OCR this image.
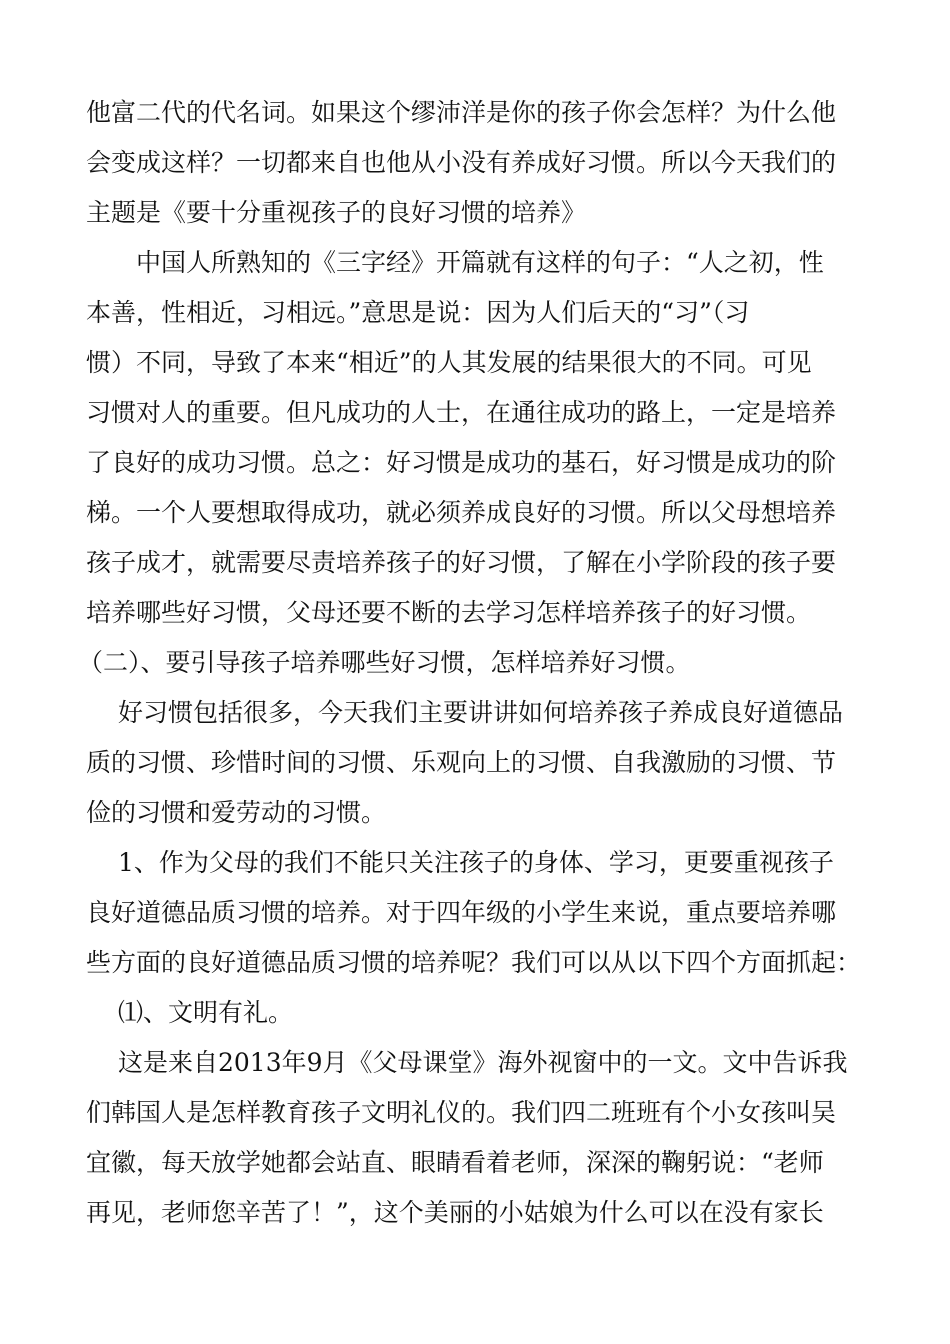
他富二代的代名词。如果这个缪沛洋是你的孩子你会怎样？为什么他
会变成这样？一切都来自也他从小没有养成好习惯。所以今天我们的
主题是《要十分重视孩子的良好习惯的培养》
中国人所熟知的《三字经》开篇就有这样的句子：“人之初，性
本善，性相近，习相远。”意思是说：因为人们后天的“习”（习
惯）不同，导致了本来“相近”的人其发展的结果很大的不同。可见
习惯对人的重要。但凡成功的人士，在通往成功的路上，一定是培养
了良好的成功习惯。总之：好习惯是成功的基石，好习惯是成功的阶
梯。一个人要想取得成功，就必须养成良好的习惯。所以父母想培养
孩子成才，就需要尽责培养孩子的好习惯，了解在小学阶段的孩子要
培养哪些好习惯，父母还要不断的去学习怎样培养孩子的好习惯。
（二）、要引导孩子培养哪些好习惯，怎样培养好习惯。
好习惯包括很多，今天我们主要讲讲如何培养孩子养成良好道德品
质的习惯、珍惜时间的习惯、乐观向上的习惯、自我激励的习惯、节
俭的习惯和爱劳动的习惯。
1、作为父母的我们不能只关注孩子的身体、学习，更要重视孩子
良好道德品质习惯的培养。对于四年级的小学生来说，重点要培养哪
些方面的良好道德品质习惯的培养呢？我们可以从以下四个方面抓起：
⑴、文明有礼。
这是来自2013年9月《父母课堂》海外视窗中的一文。文中告诉我
们韩国人是怎样教育孩子文明礼仪的。我们四二班班有个小女孩叫吴
宜徽，每天放学她都会站直、眼睛看着老师，深深的鞠躬说：“老师
再见，老师您辛苦了！”，这个美丽的小姑娘为什么可以在没有家长
